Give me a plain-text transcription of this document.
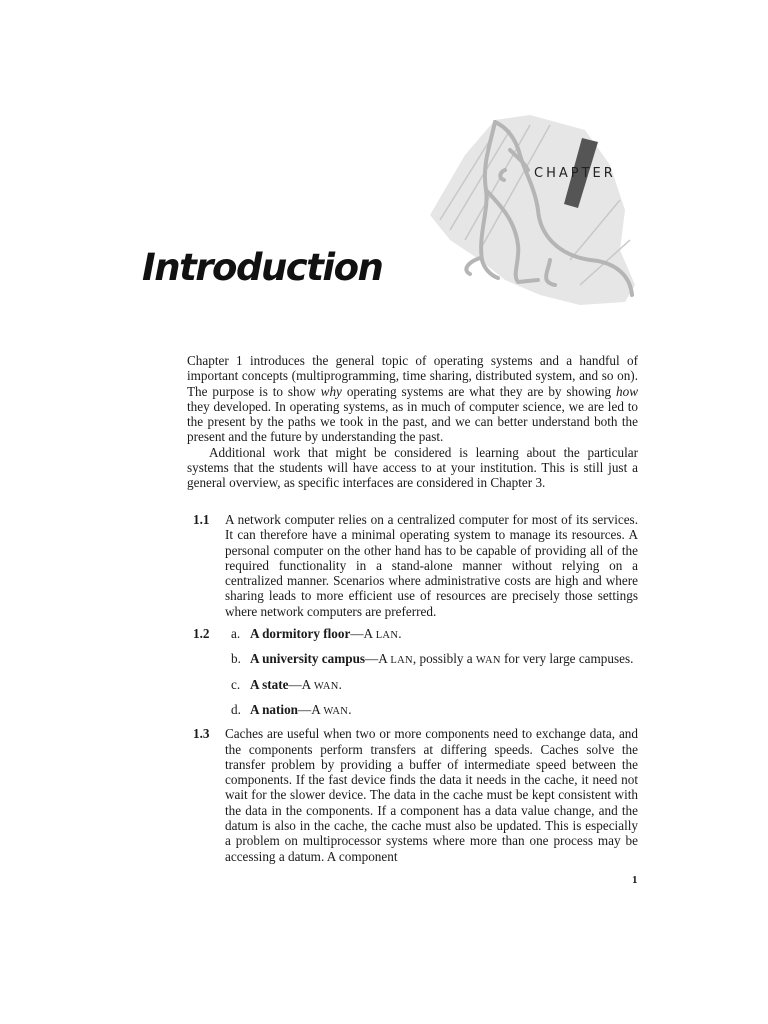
CHAPTER
Introduction

Chapter 1 introduces the general topic of operating systems and a handful of important concepts (multiprogramming, time sharing, distributed system, and so on). The purpose is to show why operating systems are what they are by showing how they developed. In operating systems, as in much of computer science, we are led to the present by the paths we took in the past, and we can better understand both the present and the future by understanding the past.

Additional work that might be considered is learning about the particular systems that the students will have access to at your institution. This is still just a general overview, as specific interfaces are considered in Chapter 3.

1.1	A network computer relies on a centralized computer for most of its services. It can therefore have a minimal operating system to manage its resources. A personal computer on the other hand has to be capable of providing all of the required functionality in a stand-alone manner without relying on a centralized manner. Scenarios where administrative costs are high and where sharing leads to more efficient use of resources are precisely those settings where network computers are preferred.
1.2	a. A dormitory floor—A  LAN.
b. A university campus—A  LAN, possibly a WAN for very large campuses.
c. A state—A  WAN.
d. A nation—A  WAN.
1.3	Caches are useful when two or more components need to exchange data, and the components perform transfers at differing speeds. Caches solve the transfer problem by providing a buffer of intermediate speed between the components. If the fast device finds the data it needs in the cache, it need not wait for the slower device. The data in the cache must be kept consistent with the data in the components. If a component has a data value change, and the datum is also in the cache, the cache must also be updated. This is especially a problem on multiprocessor systems where more than one process may be accessing a datum. A component
1
